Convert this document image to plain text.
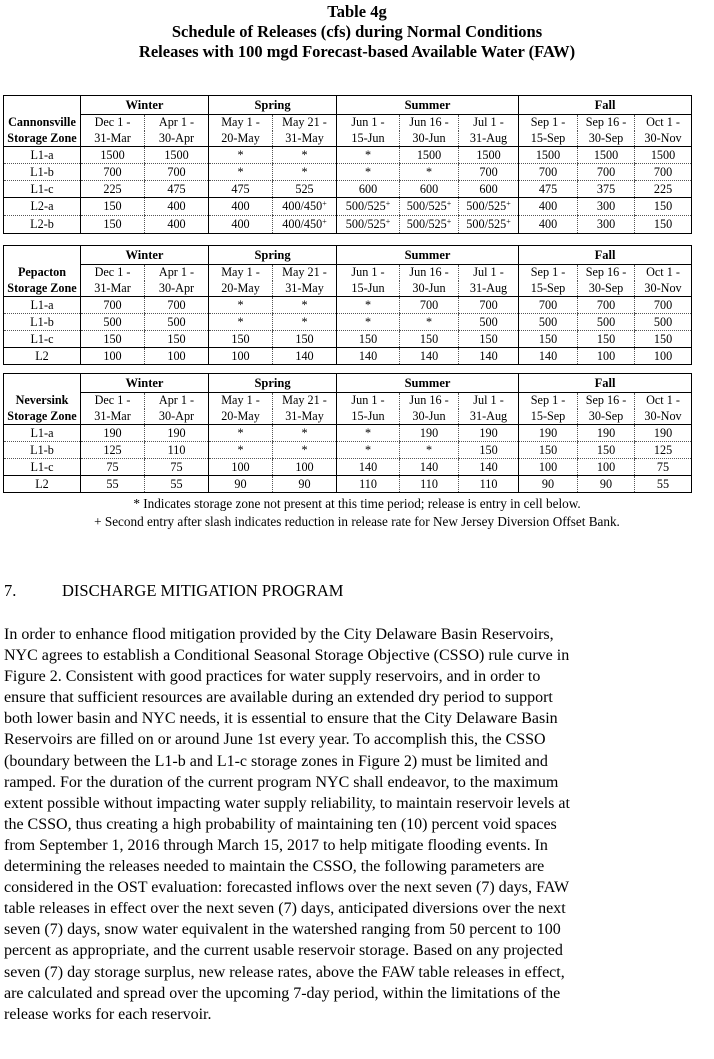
Table 4g
Schedule of Releases (cfs) during Normal Conditions
Releases with 100 mgd Forecast-based Available Water (FAW)
	Winter		Spring		Summer			Fall		
Cannonsville	Dec 1 -	Apr 1 -	May 1 -	May 21 -	Jun 1 -	Jun 16 -	Jul 1 -	Sep 1 -	Sep 16 -	Oct 1 -
Storage Zone	31-Mar	30-Apr	20-May	31-May	15-Jun	30-Jun	31-Aug	15-Sep	30-Sep	30-Nov
L1-a	1500	1500	*	*	*	1500	1500	1500	1500	1500
L1-b	700	700	*	*	*	*	700	700	700	700
L1-c	225	475	475	525	600	600	600	475	375	225
L2-a	150	400	400	400/450+	500/525+	500/525+	500/525+	400	300	150
L2-b	150	400	400	400/450+	500/525+	500/525+	500/525+	400	300	150
	Winter		Spring		Summer			Fall		
Pepacton	Dec 1 -	Apr 1 -	May 1 -	May 21 -	Jun 1 -	Jun 16 -	Jul 1 -	Sep 1 -	Sep 16 -	Oct 1 -
Storage Zone	31-Mar	30-Apr	20-May	31-May	15-Jun	30-Jun	31-Aug	15-Sep	30-Sep	30-Nov
L1-a	700	700	*	*	*	700	700	700	700	700
L1-b	500	500	*	*	*	*	500	500	500	500
L1-c	150	150	150	150	150	150	150	150	150	150
L2	100	100	100	140	140	140	140	140	100	100
	Winter		Spring		Summer			Fall		
Neversink	Dec 1 -	Apr 1 -	May 1 -	May 21 -	Jun 1 -	Jun 16 -	Jul 1 -	Sep 1 -	Sep 16 -	Oct 1 -
Storage Zone	31-Mar	30-Apr	20-May	31-May	15-Jun	30-Jun	31-Aug	15-Sep	30-Sep	30-Nov
L1-a	190	190	*	*	*	190	190	190	190	190
L1-b	125	110	*	*	*	*	150	150	150	125
L1-c	75	75	100	100	140	140	140	100	100	75
L2	55	55	90	90	110	110	110	90	90	55
* Indicates storage zone not present at this time period; release is entry in cell below.
+ Second entry after slash indicates reduction in release rate for New Jersey Diversion Offset Bank.
7.	DISCHARGE MITIGATION PROGRAM
In order to enhance flood mitigation provided by the City Delaware Basin Reservoirs,
NYC agrees to establish a Conditional Seasonal Storage Objective (CSSO) rule curve in
Figure 2. Consistent with good practices for water supply reservoirs, and in order to
ensure that sufficient resources are available during an extended dry period to support
both lower basin and NYC needs, it is essential to ensure that the City Delaware Basin
Reservoirs are filled on or around June 1st every year. To accomplish this, the CSSO
(boundary between the L1-b and L1-c storage zones in Figure 2) must be limited and
ramped. For the duration of the current program NYC shall endeavor, to the maximum
extent possible without impacting water supply reliability, to maintain reservoir levels at
the CSSO, thus creating a high probability of maintaining ten (10) percent void spaces
from September 1, 2016 through March 15, 2017 to help mitigate flooding events. In
determining the releases needed to maintain the CSSO, the following parameters are
considered in the OST evaluation: forecasted inflows over the next seven (7) days, FAW
table releases in effect over the next seven (7) days, anticipated diversions over the next
seven (7) days, snow water equivalent in the watershed ranging from 50 percent to 100
percent as appropriate, and the current usable reservoir storage. Based on any projected
seven (7) day storage surplus, new release rates, above the FAW table releases in effect,
are calculated and spread over the upcoming 7-day period, within the limitations of the
release works for each reservoir.
